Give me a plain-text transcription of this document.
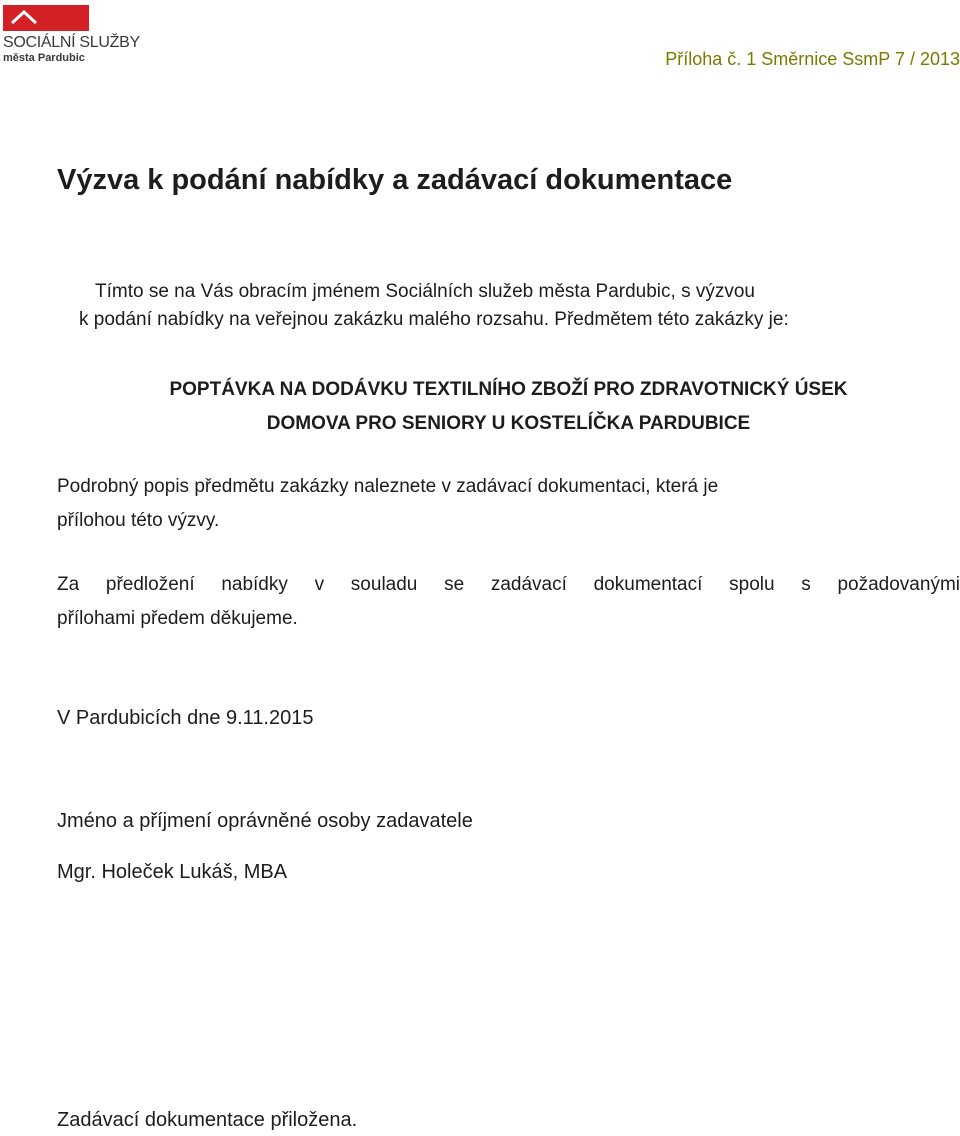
SOCIÁLNÍ SLUŽBY
města Pardubic	Příloha č. 1 Směrnice SsmP 7 / 2013
Výzva k podání nabídky a zadávací dokumentace
Tímto se na Vás obracím jménem Sociálních služeb města Pardubic, s výzvou
k podání nabídky na veřejnou zakázku malého rozsahu. Předmětem této zakázky je:
POPTÁVKA NA DODÁVKU TEXTILNÍHO ZBOŽÍ PRO ZDRAVOTNICKÝ ÚSEK
DOMOVA PRO SENIORY U KOSTELÍČKA PARDUBICE
Podrobný popis předmětu zakázky naleznete v zadávací dokumentaci, která je
přílohou této výzvy.
Za předložení nabídky v souladu se zadávací dokumentací spolu s požadovanými
přílohami předem děkujeme.
V Pardubicích dne 9.11.2015
Jméno a příjmení oprávněné osoby zadavatele
Mgr. Holeček Lukáš, MBA
Zadávací dokumentace přiložena.
